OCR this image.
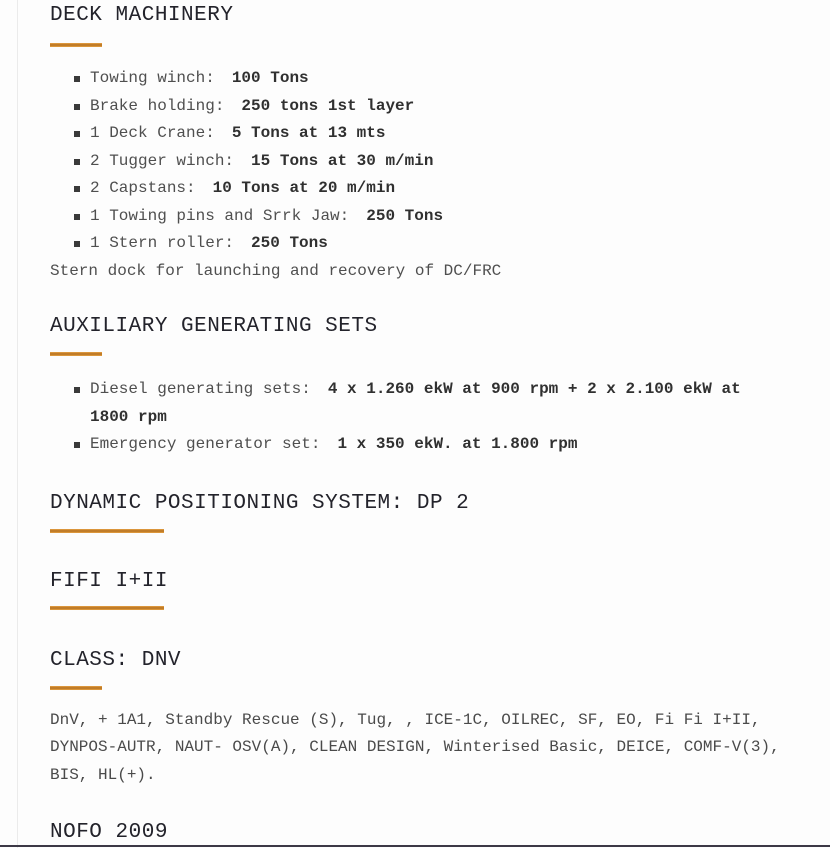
DECK MACHINERY
Towing winch: 100 Tons
Brake holding: 250 tons 1st layer
1 Deck Crane: 5 Tons at 13 mts
2 Tugger winch: 15 Tons at 30 m/min
2 Capstans: 10 Tons at 20 m/min
1 Towing pins and Srrk Jaw: 250 Tons
1 Stern roller: 250 Tons
Stern dock for launching and recovery of DC/FRC
AUXILIARY GENERATING SETS
Diesel generating sets: 4 x 1.260 ekW at 900 rpm + 2 x 2.100 ekW at 1800 rpm
Emergency generator set: 1 x 350 ekW. at 1.800 rpm
DYNAMIC POSITIONING SYSTEM: DP 2
FIFI I+II
CLASS: DNV
DnV, + 1A1, Standby Rescue (S), Tug, , ICE-1C, OILREC, SF, EO, Fi Fi I+II, DYNPOS-AUTR, NAUT- OSV(A), CLEAN DESIGN, Winterised Basic, DEICE, COMF-V(3), BIS, HL(+).
NOFO 2009
